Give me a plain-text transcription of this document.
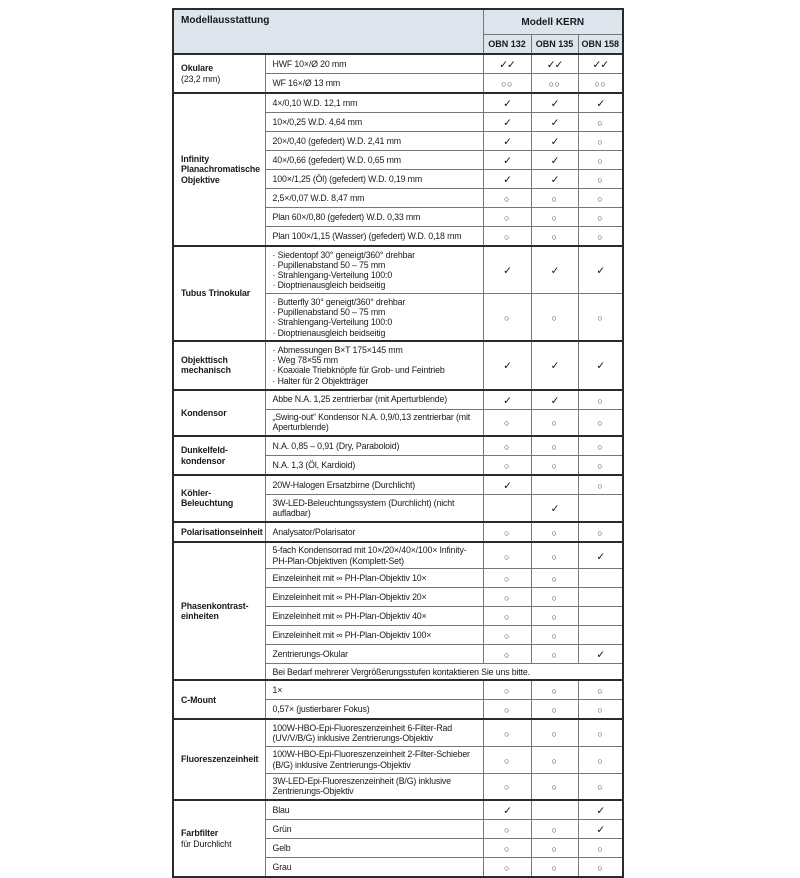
Modellausstattung		Modell KERN		
		OBN 132	OBN 135	OBN 158

Okulare
(23,2 mm)	HWF 10×/Ø 20 mm	✓✓	✓✓	✓✓
	WF 16×/Ø 13 mm	○○	○○	○○

Infinity Planachromatische Objektive	4×/0,10 W.D. 12,1 mm	✓	✓	✓
	10×/0,25 W.D. 4,64 mm	✓	✓	○
	20×/0,40 (gefedert) W.D. 2,41 mm	✓	✓	○
	40×/0,66 (gefedert) W.D. 0,65 mm	✓	✓	○
	100×/1,25 (Öl) (gefedert) W.D. 0,19 mm	✓	✓	○
	2,5×/0,07 W.D. 8,47 mm	○	○	○
	Plan 60×/0,80 (gefedert) W.D. 0,33 mm	○	○	○
	Plan 100×/1,15 (Wasser) (gefedert) W.D. 0,18 mm	○	○	○

Tubus Trinokular	· Siedentopf 30° geneigt/360° drehbar
· Pupillenabstand 50 – 75 mm
· Strahlengang-Verteilung 100:0
· Dioptrienausgleich beidseitig	✓	✓	✓

	· Butterfly 30° geneigt/360° drehbar
· Pupillenabstand 50 – 75 mm
· Strahlengang-Verteilung 100:0
· Dioptrienausgleich beidseitig	○	○	○

Objekttisch mechanisch	· Abmessungen B×T 175×145 mm
· Weg 78×55 mm
· Koaxiale Triebknöpfe für Grob- und Feintrieb
· Halter für 2 Objektträger	✓	✓	✓

Kondensor	Abbe N.A. 1,25 zentrierbar (mit Aperturblende)	✓	✓	○
	„Swing-out“ Kondensor N.A. 0,9/0,13 zentrierbar (mit Aperturblende)	○	○	○

Dunkelfeld-kondensor	N.A. 0,85 – 0,91 (Dry, Paraboloid)	○	○	○
	N.A. 1,3 (Öl, Kardioid)	○	○	○

Köhler-Beleuchtung	20W-Halogen Ersatzbirne (Durchlicht)	✓		○
	3W-LED-Beleuchtungssystem (Durchlicht) (nicht aufladbar)		✓	

Polarisationseinheit	Analysator/Polarisator	○	○	○

Phasenkontrast-einheiten	5-fach Kondensorrad mit 10×/20×/40×/100× Infinity-PH-Plan-Objektiven (Komplett-Set)	○	○	✓
	Einzeleinheit mit ∞ PH-Plan-Objektiv 10×	○	○	
	Einzeleinheit mit ∞ PH-Plan-Objektiv 20×	○	○	
	Einzeleinheit mit ∞ PH-Plan-Objektiv 40×	○	○	
	Einzeleinheit mit ∞ PH-Plan-Objektiv 100×	○	○	
	Zentrierungs-Okular	○	○	✓
	Bei Bedarf mehrerer Vergrößerungsstufen kontaktieren Sie uns bitte.			

C-Mount	1×	○	○	○
	0,57× (justierbarer Fokus)	○	○	○

Fluoreszenzeinheit	100W-HBO-Epi-Fluoreszenzeinheit 6-Filter-Rad (UV/V/B/G) inklusive Zentrierungs-Objektiv	○	○	○
	100W-HBO-Epi-Fluoreszenzeinheit 2-Filter-Schieber (B/G) inklusive Zentrierungs-Objektiv	○	○	○
	3W-LED-Epi-Fluoreszenzeinheit (B/G) inklusive Zentrierungs-Objektiv	○	○	○

Farbfilter
für Durchlicht	Blau	✓		✓
	Grün	○	○	✓
	Gelb	○	○	○
	Grau	○	○	○
